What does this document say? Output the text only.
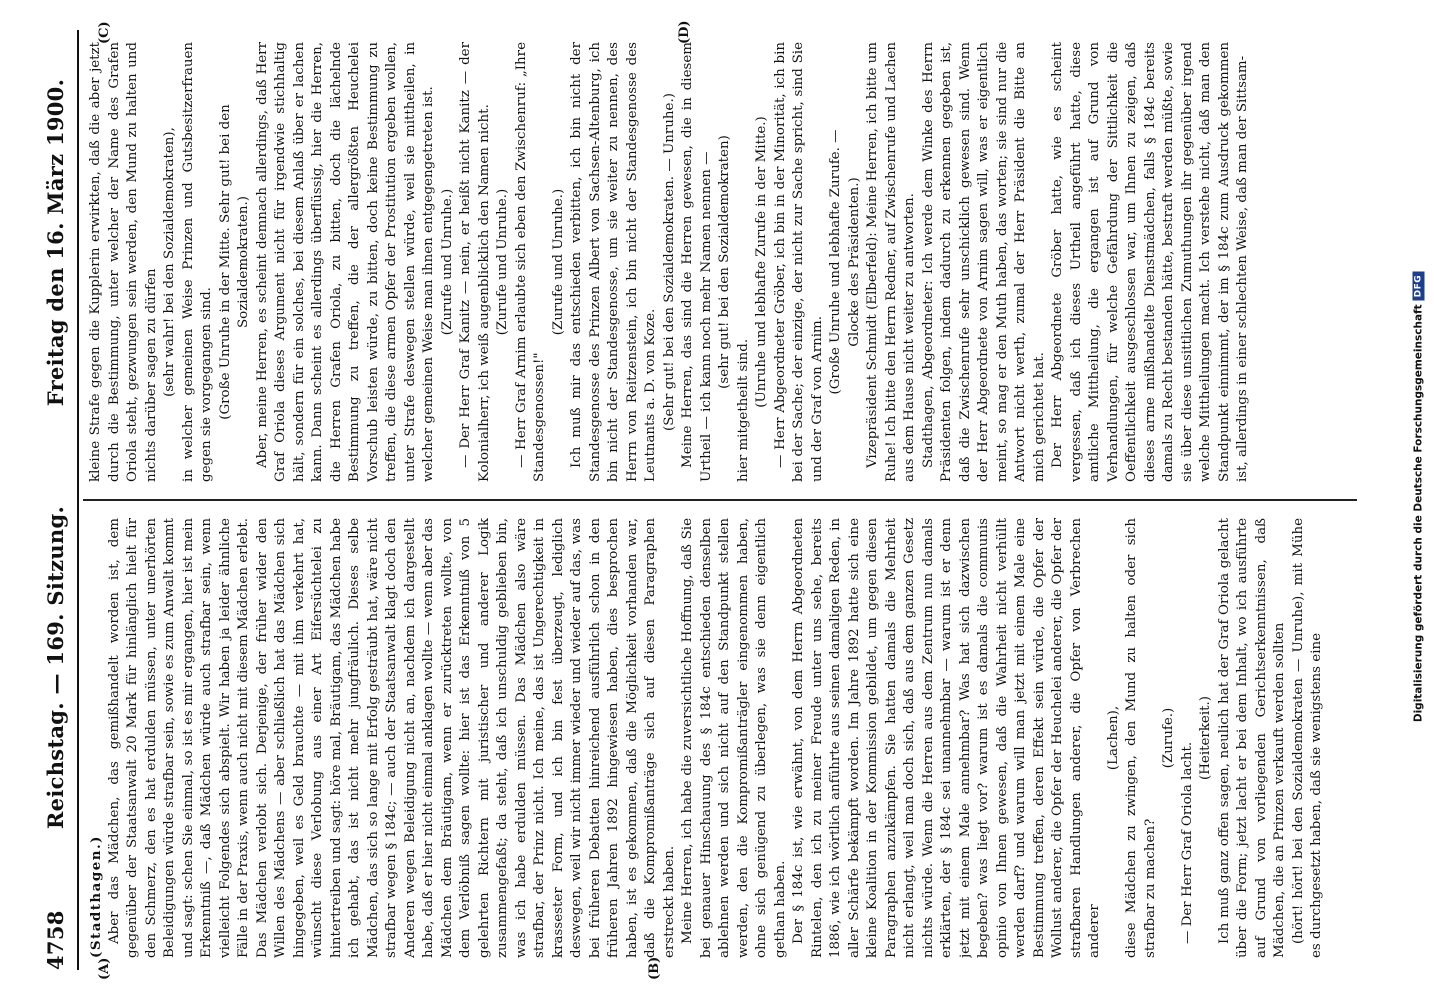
4758
Reichstag. — 169. Sitzung.
Freitag den 16. März 1900.
(A)	(B)
(C)	(D)

(Stadthagen.) Aber das Mädchen, das gemißhandelt worden ist, dem gegenüber der Staatsanwalt 20 Mark für hinlänglich hielt für den Schmerz, den es hat erdulden müssen, unter unerhörten Beleidigungen würde strafbar sein, sowie es zum Anwalt kommt und sagt: schen Sie einmal, so ist es mir ergangen, hier ist mein Erkenntniß —, daß Mädchen würde auch strafbar sein, wenn vielleicht Folgendes sich abspielt. Wir haben ja leider ähnliche Fälle in der Praxis, wenn auch nicht mit diesem Mädchen erlebt. Das Mädchen verlobt sich. Derjenige, der früher wider den Willen des Mädchens — aber schließlich hat das Mädchen sich hingegeben, weil es Geld brauchte — mit ihm verkehrt hat, wünscht diese Verlobung aus einer Art Eifersüchtelei zu hintertreiben und sagt: höre mal, Bräutigam, das Mädchen habe ich gehabt, das ist nicht mehr jungfräulich. Dieses selbe Mädchen, das sich so lange mit Erfolg gesträubt hat, wäre nicht strafbar wegen § 184c; — auch der Staatsanwalt klagt doch den Anderen wegen Beleidigung nicht an, nachdem ich dargestellt habe, daß er hier nicht einmal anklagen wollte — wenn aber das Mädchen dem Bräutigam, wenn er zurücktreten wollte, von dem Verlöbniß sagen wollte: hier ist das Erkenntniß von 5 gelehrten Richtern mit juristischer und anderer Logik zusammengefaßt; da steht, daß ich unschuldig geblieben bin, was ich habe erdulden müssen. Das Mädchen also wäre strafbar, der Prinz nicht. Ich meine, das ist Ungerechtigkeit in krassester Form, und ich bin fest überzeugt, lediglich deswegen, weil wir nicht immer wieder und wieder auf das, was bei früheren Debatten hinreichend ausführlich schon in den früheren Jahren 1892 hingewiesen haben, dies besprochen haben, ist es gekommen, daß die Möglichkeit vorhanden war, daß die Kompromißanträge sich auf diesen Paragraphen erstreckt haben. Meine Herren, ich habe die zuversichtliche Hoffnung, daß Sie bei genauer Hinschauung des § 184c entschieden denselben ablehnen werden und sich nicht auf den Standpunkt stellen werden, den die Kompromißanträgler eingenommen haben, ohne sich genügend zu überlegen, was sie denn eigentlich gethan haben. Der § 184c ist, wie erwähnt, von dem Herrn Abgeordneten Rintelen, den ich zu meiner Freude unter uns sehe, bereits 1886, wie ich wörtlich anführte aus seinen damaligen Reden, in aller Schärfe bekämpft worden. Im Jahre 1892 hatte sich eine kleine Koalition in der Kommission gebildet, um gegen diesen Paragraphen anzukämpfen. Sie hatten damals die Mehrheit nicht erlangt, weil man doch sich, daß aus dem ganzen Gesetz nichts würde. Wenn die Herren aus dem Zentrum nun damals erklärten, der § 184c sei unannehmbar — warum ist er denn jetzt mit einem Male annehmbar? Was hat sich dazwischen begeben? was liegt vor? warum ist es damals die communis opinio von Ihnen gewesen, daß die Wahrheit nicht verhüllt werden darf? und warum will man jetzt mit einem Male eine Bestimmung treffen, deren Effekt sein würde, die Opfer der Wollust anderer, die Opfer der Heuchelei anderer, die Opfer der strafbaren Handlungen anderer, die Opfer von Verbrechen anderer

(Lachen), diese Mädchen zu zwingen, den Mund zu halten oder sich strafbar zu machen?

(Zurufe.)

— Der Herr Graf Oriola lacht.

(Heiterkeit.) Ich muß ganz offen sagen, neulich hat der Graf Oriola gelacht über die Form; jetzt lacht er bei dem Inhalt, wo ich ausführte auf Grund von vorliegenden Gerichtserkenntnissen, daß Mädchen, die an Prinzen verkauft werden sollten (hört! hört! bei den Sozialdemokraten — Unruhe), mit Mühe es durchgesetzt haben, daß sie wenigstens eine

kleine Strafe gegen die Kupplerin erwirkten, daß die aber jetzt durch die Bestimmung, unter welcher der Name des Grafen Oriola steht, gezwungen sein werden, den Mund zu halten und nichts darüber sagen zu dürfen (sehr wahr! bei den Sozialdemokraten), in welcher gemeinen Weise Prinzen und Gutsbesitzerfrauen gegen sie vorgegangen sind. (Große Unruhe in der Mitte. Sehr gut! bei den Sozialdemokraten.) Aber, meine Herren, es scheint demnach allerdings, daß Herr Graf Oriola dieses Argument nicht für irgendwie stichhaltig hält, sondern für ein solches, bei diesem Anlaß über er lachen kann. Dann scheint es allerdings überflüssig, hier die Herren, die Herren Grafen Oriola, zu bitten, doch die lächelnde Bestimmung zu treffen, die der allergrößten Heuchelei Vorschub leisten würde, zu bitten, doch keine Bestimmung zu treffen, die diese armen Opfer der Prostitution ergeben wollen, unter Strafe deswegen stellen würde, weil sie mittheilen, in welcher gemeinen Weise man ihnen entgegengetreten ist. (Zurufe und Unruhe.) — Der Herr Graf Kanitz — nein, er heißt nicht Kanitz — der Kolonialherr, ich weiß augenblicklich den Namen nicht. (Zurufe und Unruhe.) — Herr Graf Arnim erlaubte sich eben den Zwischenruf: „Ihre Standesgenossen!"

(Zurufe und Unruhe.) Ich muß mir das entschieden verbitten, ich bin nicht der Standesgenosse des Prinzen Albert von Sachsen-Altenburg, ich bin nicht der Standesgenosse, um sie weiter zu nennen, des Herrn von Reitzenstein, ich bin nicht der Standesgenosse des Leutnants a. D. von Koze. (Sehr gut! bei den Sozialdemokraten. — Unruhe.) Meine Herren, das sind die Herren gewesen, die in diesem Urtheil — ich kann noch mehr Namen nennen — (sehr gut! bei den Sozialdemokraten)

hier mitgetheilt sind.

(Unruhe und lebhafte Zurufe in der Mitte.) — Herr Abgeordneter Gröber, ich bin in der Minorität, ich bin bei der Sache; der einzige, der nicht zur Sache spricht, sind Sie und der Graf von Arnim.

(Große Unruhe und lebhafte Zurufe. — Glocke des Präsidenten.) Vizepräsident Schmidt (Elberfeld): Meine Herren, ich bitte um Ruhe! Ich bitte den Herrn Redner, auf Zwischenrufe und Lachen aus dem Hause nicht weiter zu antworten. Stadthagen, Abgeordneter: Ich werde dem Winke des Herrn Präsidenten folgen, indem dadurch zu erkennen gegeben ist, daß die Zwischenrufe sehr unschicklich gewesen sind. Wenn der Herr Abgeordnete von Arnim sagen will, was er eigentlich meint, so mag er den Muth haben, das worten; sie sind nur die Antwort nicht werth, zumal der Herr Präsident die Bitte an mich gerichtet hat. Der Herr Abgeordnete Gröber hatte, wie es scheint vergessen, daß ich dieses Urtheil angeführt hatte, diese amtliche Mittheilung, die ergangen ist auf Grund von Verhandlungen, für welche Gefährdung der Sittlichkeit die Oeffentlichkeit ausgeschlossen war, um Ihnen zu zeigen, daß dieses arme mißhandelte Dienstmädchen, falls § 184c bereits damals zu Recht bestanden hätte, bestraft werden müßte, sowie sie über diese unsittlichen Zumuthungen ihr gegenüber irgend welche Mittheilungen macht. Ich verstehe nicht, daß man den Standpunkt einnimmt, der im § 184c zum Ausdruck gekommen ist, allerdings in einer schlechten Weise, daß man der Sittsam-

Digitalisierung gefördert durch die Deutsche Forschungsgemeinschaft
DFG
